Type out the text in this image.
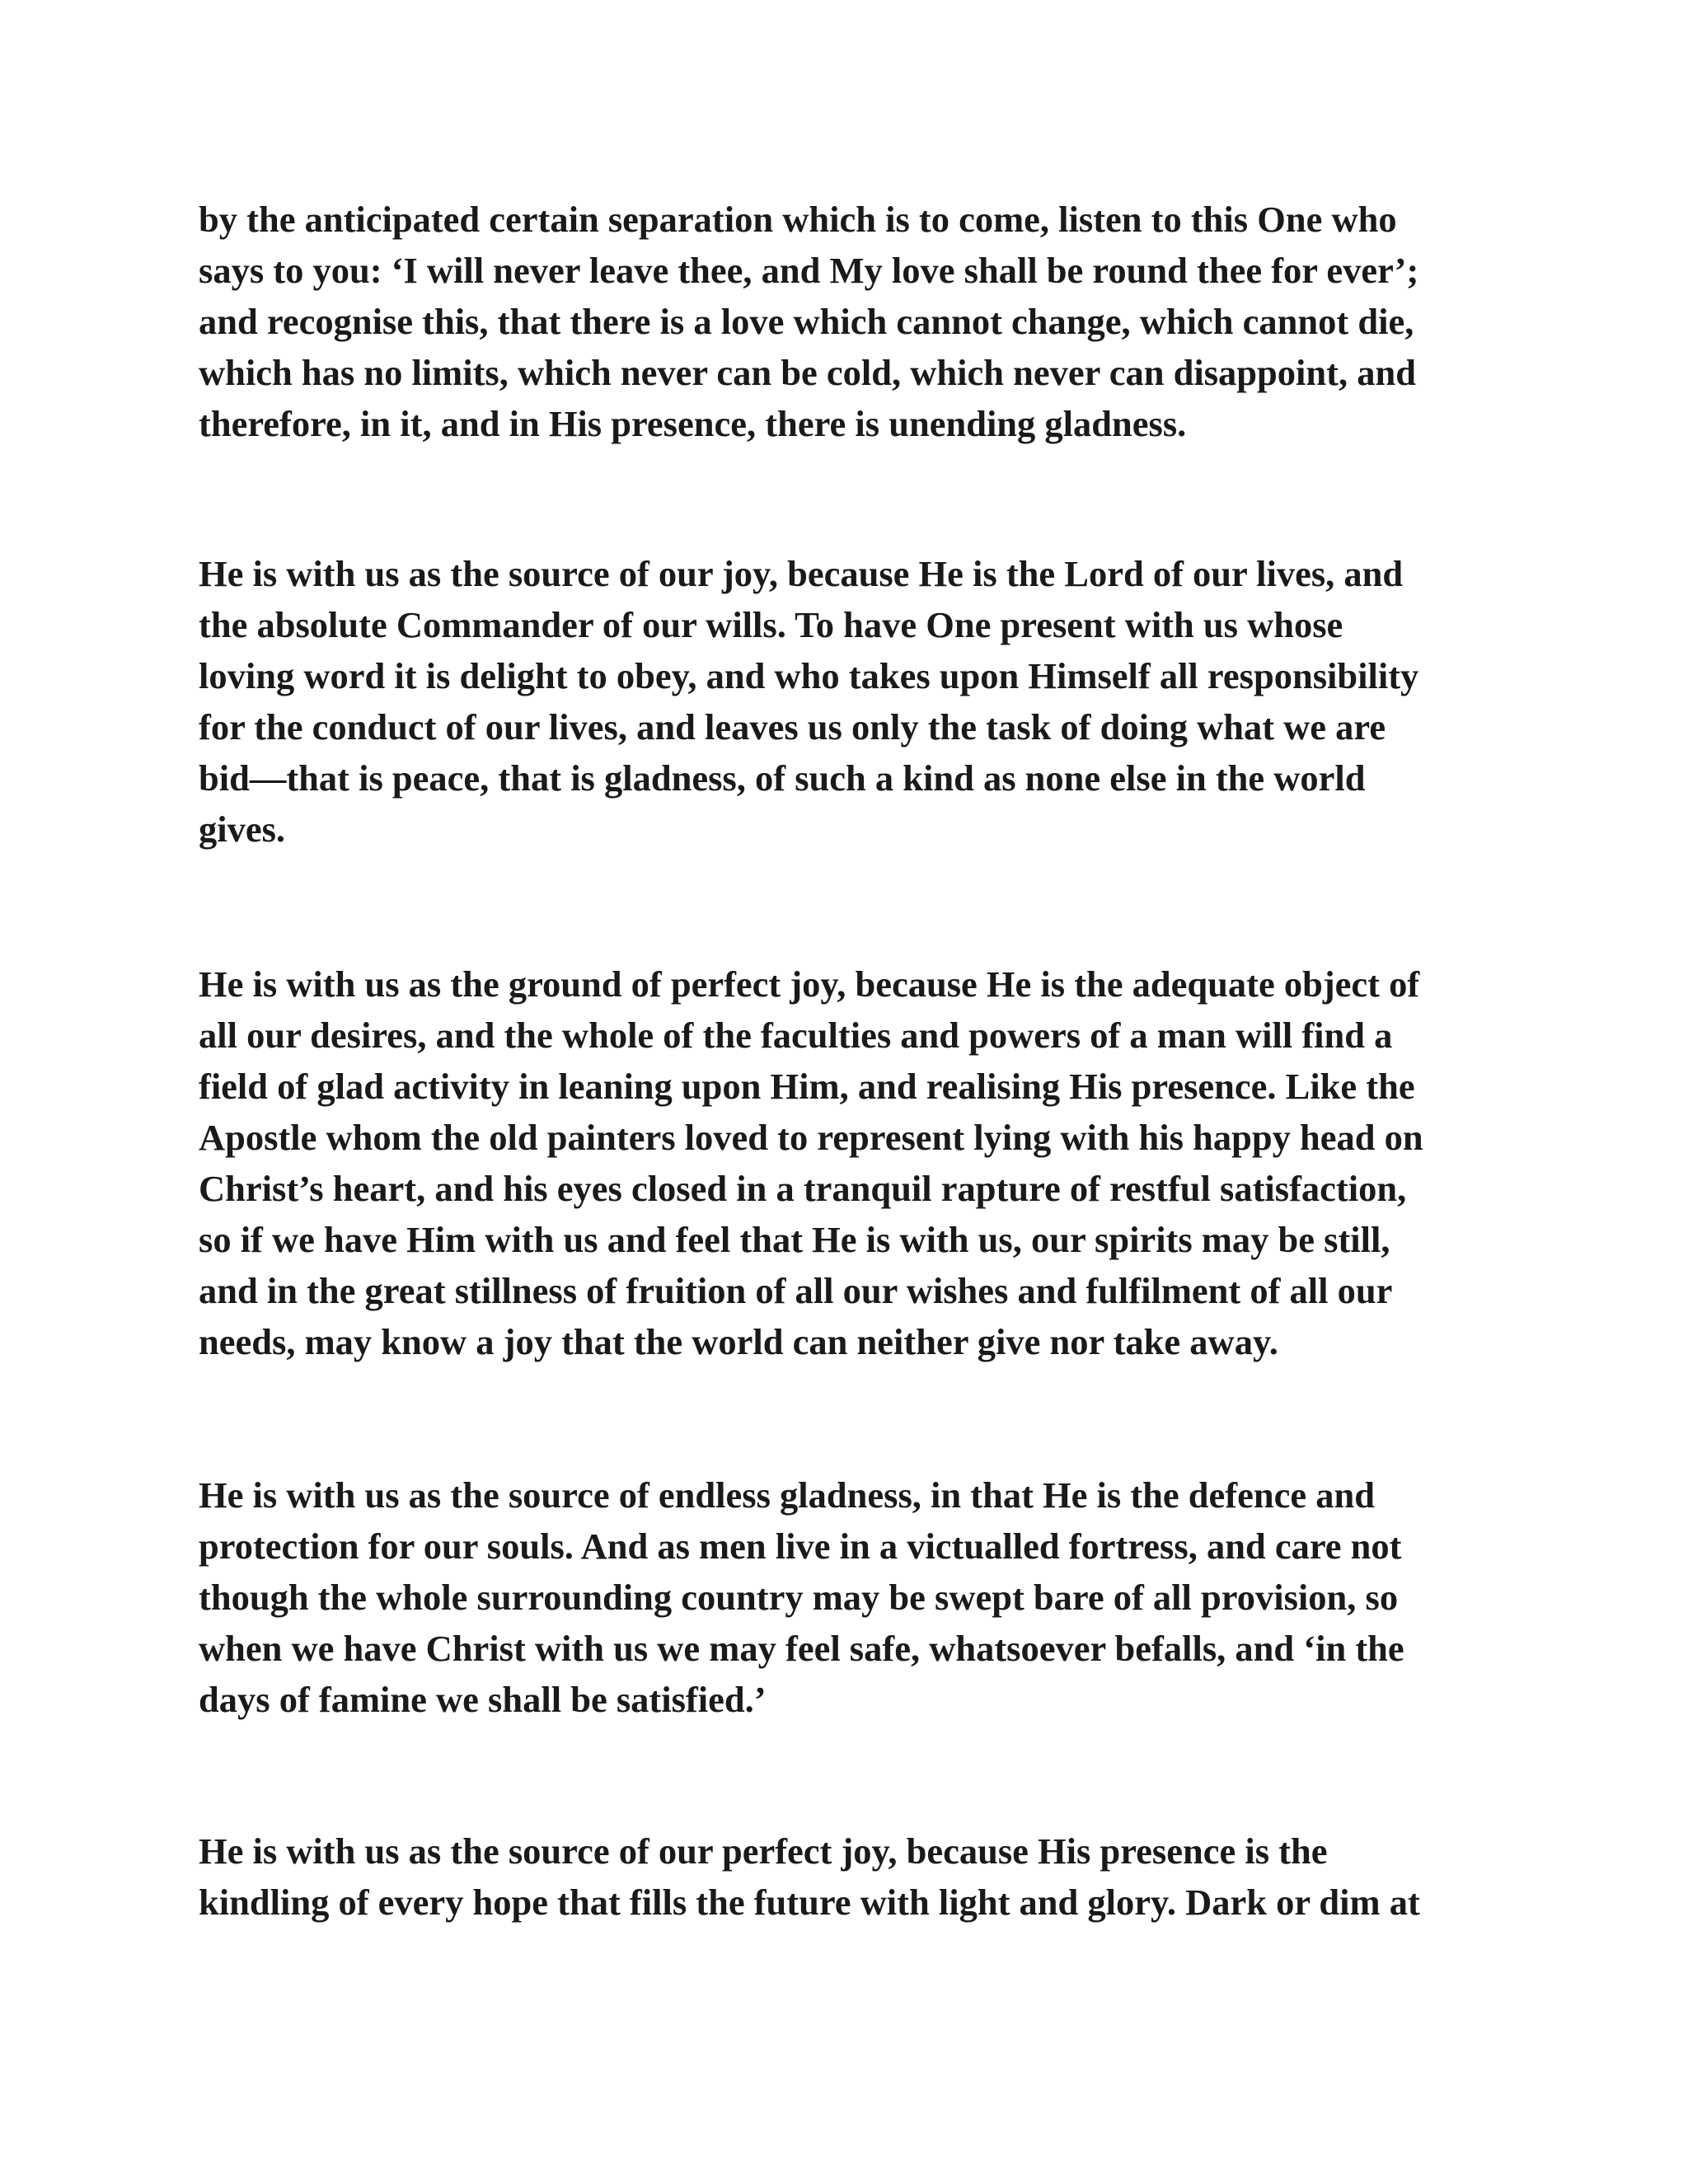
by the anticipated certain separation which is to come, listen to this One who
says to you: ‘I will never leave thee, and My love shall be round thee for ever’;
and recognise this, that there is a love which cannot change, which cannot die,
which has no limits, which never can be cold, which never can disappoint, and
therefore, in it, and in His presence, there is unending gladness.
He is with us as the source of our joy, because He is the Lord of our lives, and
the absolute Commander of our wills. To have One present with us whose
loving word it is delight to obey, and who takes upon Himself all responsibility
for the conduct of our lives, and leaves us only the task of doing what we are
bid—that is peace, that is gladness, of such a kind as none else in the world
gives.
He is with us as the ground of perfect joy, because He is the adequate object of
all our desires, and the whole of the faculties and powers of a man will find a
field of glad activity in leaning upon Him, and realising His presence. Like the
Apostle whom the old painters loved to represent lying with his happy head on
Christ’s heart, and his eyes closed in a tranquil rapture of restful satisfaction,
so if we have Him with us and feel that He is with us, our spirits may be still,
and in the great stillness of fruition of all our wishes and fulfilment of all our
needs, may know a joy that the world can neither give nor take away.
He is with us as the source of endless gladness, in that He is the defence and
protection for our souls. And as men live in a victualled fortress, and care not
though the whole surrounding country may be swept bare of all provision, so
when we have Christ with us we may feel safe, whatsoever befalls, and ‘in the
days of famine we shall be satisfied.’
He is with us as the source of our perfect joy, because His presence is the
kindling of every hope that fills the future with light and glory. Dark or dim at
